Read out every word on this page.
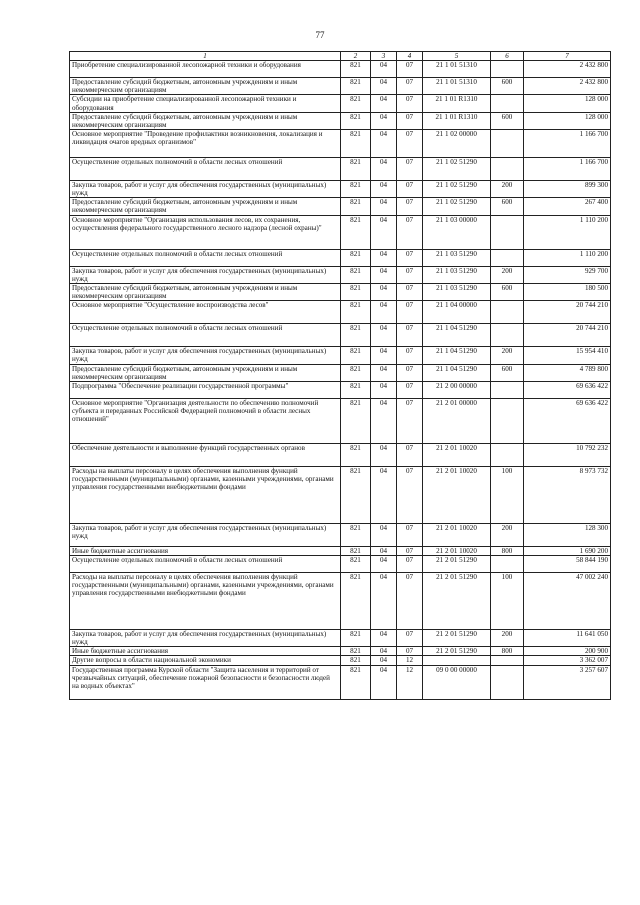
77
1	2	3	4	5	6	7
Приобретение специализированной лесопожарной техники и оборудования	821	04	07	21 1 01 51310		2 432 800
Предоставление субсидий бюджетным, автономным учреждениям и иным некоммерческим организациям	821	04	07	21 1 01 51310	600	2 432 800
Субсидии на приобретение специализированной лесопожарной техники и оборудования	821	04	07	21 1 01 R1310		128 000
Предоставление субсидий бюджетным, автономным учреждениям и иным некоммерческим организациям	821	04	07	21 1 01 R1310	600	128 000
Основное мероприятие "Проведение профилактики возникновения, локализация и ликвидация очагов вредных организмов"	821	04	07	21 1 02 00000		1 166 700
Осуществление отдельных полномочий в области лесных отношений	821	04	07	21 1 02 51290		1 166 700
Закупка товаров, работ и услуг для обеспечения государственных (муниципальных) нужд	821	04	07	21 1 02 51290	200	899 300
Предоставление субсидий бюджетным, автономным учреждениям и иным некоммерческим организациям	821	04	07	21 1 02 51290	600	267 400
Основное мероприятие "Организация использования лесов, их сохранения, осуществления федерального государственного лесного надзора (лесной охраны)"	821	04	07	21 1 03 00000		1 110 200
Осуществление отдельных полномочий в области лесных отношений	821	04	07	21 1 03 51290		1 110 200
Закупка товаров, работ и услуг для обеспечения государственных (муниципальных) нужд	821	04	07	21 1 03 51290	200	929 700
Предоставление субсидий бюджетным, автономным учреждениям и иным некоммерческим организациям	821	04	07	21 1 03 51290	600	180 500
Основное мероприятие "Осуществление воспроизводства лесов"	821	04	07	21 1 04 00000		20 744 210
Осуществление отдельных полномочий в области лесных отношений	821	04	07	21 1 04 51290		20 744 210
Закупка товаров, работ и услуг для обеспечения государственных (муниципальных) нужд	821	04	07	21 1 04 51290	200	15 954 410
Предоставление субсидий бюджетным, автономным учреждениям и иным некоммерческим организациям	821	04	07	21 1 04 51290	600	4 789 800
Подпрограмма "Обеспечение реализации государственной программы"	821	04	07	21 2 00 00000		69 636 422
Основное мероприятие "Организация деятельности по обеспечению полномочий субъекта и переданных Российской Федерацией полномочий в области лесных отношений"	821	04	07	21 2 01 00000		69 636 422
Обеспечение деятельности и выполнение функций государственных органов	821	04	07	21 2 01 10020		10 792 232
Расходы на выплаты персоналу в целях обеспечения выполнения функций государственными (муниципальными) органами, казенными учреждениями, органами управления государственными внебюджетными фондами	821	04	07	21 2 01 10020	100	8 973 732
Закупка товаров, работ и услуг для обеспечения государственных (муниципальных) нужд	821	04	07	21 2 01 10020	200	128 300
Иные бюджетные ассигнования	821	04	07	21 2 01 10020	800	1 690 200
Осуществление отдельных полномочий в области лесных отношений	821	04	07	21 2 01 51290		58 844 190
Расходы на выплаты персоналу в целях обеспечения выполнения функций государственными (муниципальными) органами, казенными учреждениями, органами управления государственными внебюджетными фондами	821	04	07	21 2 01 51290	100	47 002 240
Закупка товаров, работ и услуг для обеспечения государственных (муниципальных) нужд	821	04	07	21 2 01 51290	200	11 641 050
Иные бюджетные ассигнования	821	04	07	21 2 01 51290	800	200 900
Другие вопросы в области национальной экономики	821	04	12			3 362 007
Государственная программа Курской области "Защита населения и территорий от чрезвычайных ситуаций, обеспечение пожарной безопасности и безопасности людей на водных объектах"	821	04	12	09 0 00 00000		3 257 607
